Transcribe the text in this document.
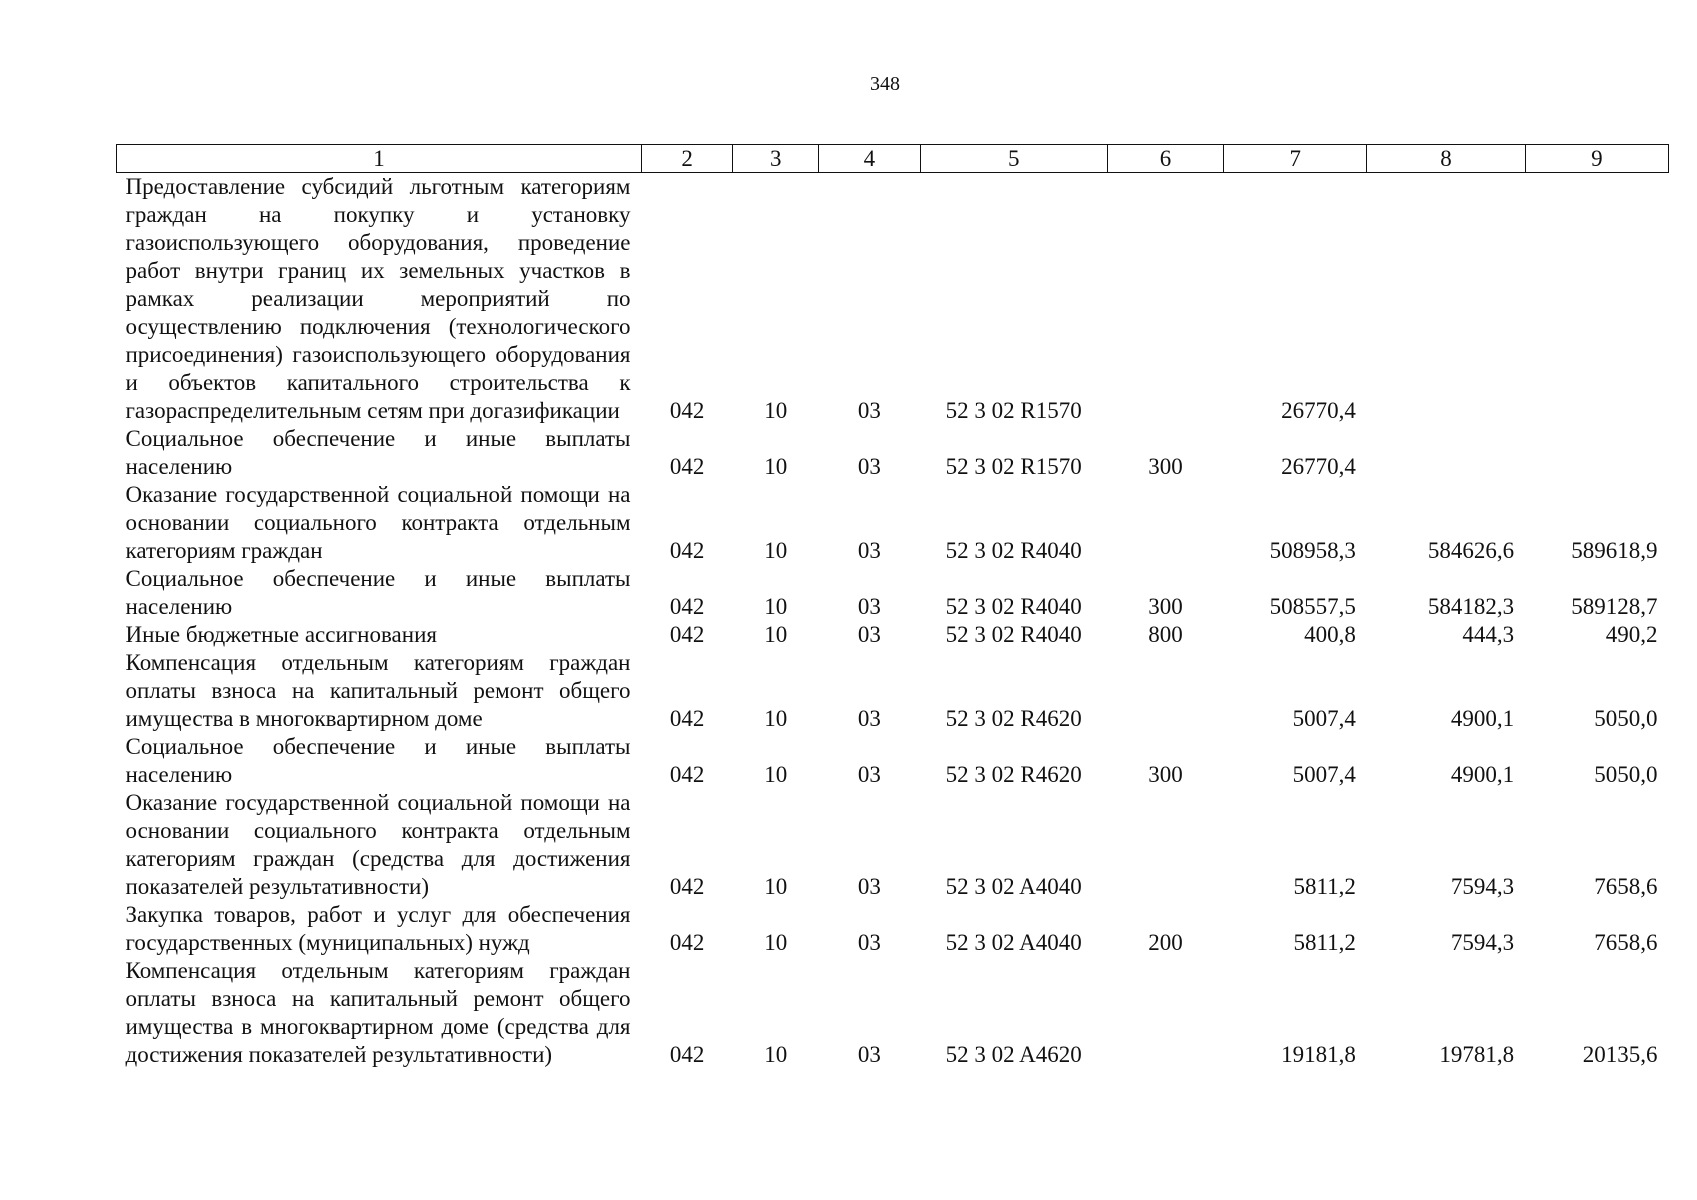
348
1	2	3	4	5	6	7	8	9
Предоставление субсидий льготным категориям граждан на покупку и установку газоиспользующего оборудования, проведение работ внутри границ их земельных участков в рамках реализации мероприятий по осуществлению подключения (технологического присоединения) газоиспользующего оборудования и объектов капитального строительства к газораспределительным сетям при догазификации	042	10	03	52 3 02 R1570		26770,4		
Социальное обеспечение и иные выплаты населению	042	10	03	52 3 02 R1570	300	26770,4		
Оказание государственной социальной помощи на основании социального контракта отдельным категориям граждан	042	10	03	52 3 02 R4040		508958,3	584626,6	589618,9
Социальное обеспечение и иные выплаты населению	042	10	03	52 3 02 R4040	300	508557,5	584182,3	589128,7
Иные бюджетные ассигнования	042	10	03	52 3 02 R4040	800	400,8	444,3	490,2
Компенсация отдельным категориям граждан оплаты взноса на капитальный ремонт общего имущества в многоквартирном доме	042	10	03	52 3 02 R4620		5007,4	4900,1	5050,0
Социальное обеспечение и иные выплаты населению	042	10	03	52 3 02 R4620	300	5007,4	4900,1	5050,0
Оказание государственной социальной помощи на основании социального контракта отдельным категориям граждан (средства для достижения показателей результативности)	042	10	03	52 3 02 A4040		5811,2	7594,3	7658,6
Закупка товаров, работ и услуг для обеспечения государственных (муниципальных) нужд	042	10	03	52 3 02 A4040	200	5811,2	7594,3	7658,6
Компенсация отдельным категориям граждан оплаты взноса на капитальный ремонт общего имущества в многоквартирном доме (средства для достижения показателей результативности)	042	10	03	52 3 02 A4620		19181,8	19781,8	20135,6
